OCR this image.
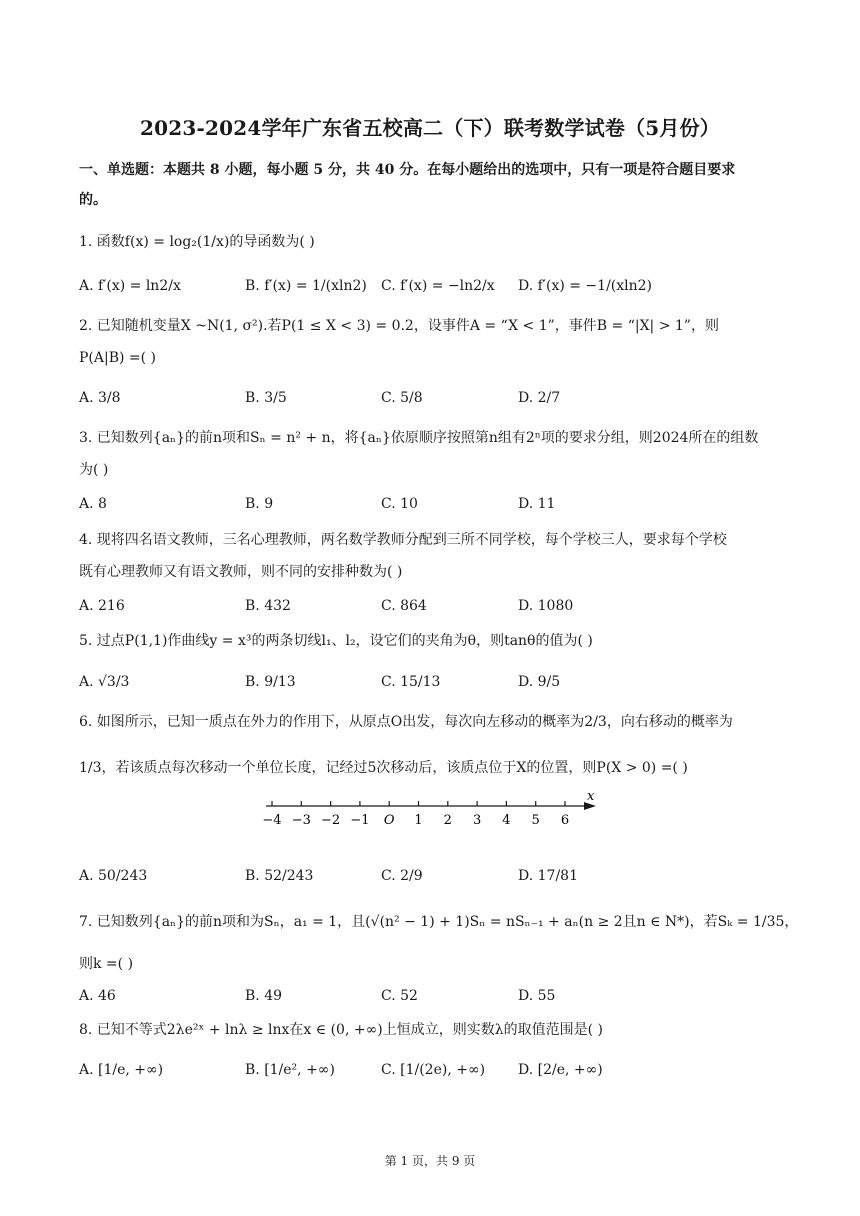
2023-2024学年广东省五校高二（下）联考数学试卷（5月份）
一、单选题：本题共 8 小题，每小题 5 分，共 40 分。在每小题给出的选项中，只有一项是符合题目要求
的。
1. 函数f(x) = log₂(1/x)的导函数为( )
A. f′(x) = ln2/x	B. f′(x) = 1/(xln2) C. f′(x) = −ln2/x D. f′(x) = −1/(xln2)
2. 已知随机变量X ~N(1, σ²).若P(1 ≤ X < 3) = 0.2，设事件A = “X < 1”，事件B = “|X| > 1”，则
P(A|B) =( )
A. 3/8	B. 3/5	C. 5/8	D. 2/7
3. 已知数列{aₙ}的前n项和Sₙ = n² + n，将{aₙ}依原顺序按照第n组有2ⁿ项的要求分组，则2024所在的组数
为( )
A. 8	B. 9	C. 10	D. 11
4. 现将四名语文教师，三名心理教师，两名数学教师分配到三所不同学校，每个学校三人，要求每个学校
既有心理教师又有语文教师，则不同的安排种数为( )
A. 216	B. 432	C. 864	D. 1080
5. 过点P(1,1)作曲线y = x³的两条切线l₁、l₂，设它们的夹角为θ，则tanθ的值为( )
A. √3/3	B. 9/13	C. 15/13	D. 9/5
6. 如图所示，已知一质点在外力的作用下，从原点O出发，每次向左移动的概率为2/3，向右移动的概率为
1/3，若该质点每次移动一个单位长度，记经过5次移动后，该质点位于X的位置，则P(X > 0) =( )
x
−4 −3 −2 −1 O 1 2 3 4 5 6
A. 50/243	B. 52/243	C. 2/9	D. 17/81
7. 已知数列{aₙ}的前n项和为Sₙ，a₁ = 1，且(√(n² − 1) + 1)Sₙ = nSₙ₋₁ + aₙ(n ≥ 2且n ∈ N*)，若Sₖ = 1/35，
则k =( )
A. 46	B. 49	C. 52	D. 55
8. 已知不等式2λe²ˣ + lnλ ≥ lnx在x ∈ (0, +∞)上恒成立，则实数λ的取值范围是( )
A. [1/e, +∞)	B. [1/e², +∞)	C. [1/(2e), +∞) D. [2/e, +∞)
第 1 页，共 9 页
